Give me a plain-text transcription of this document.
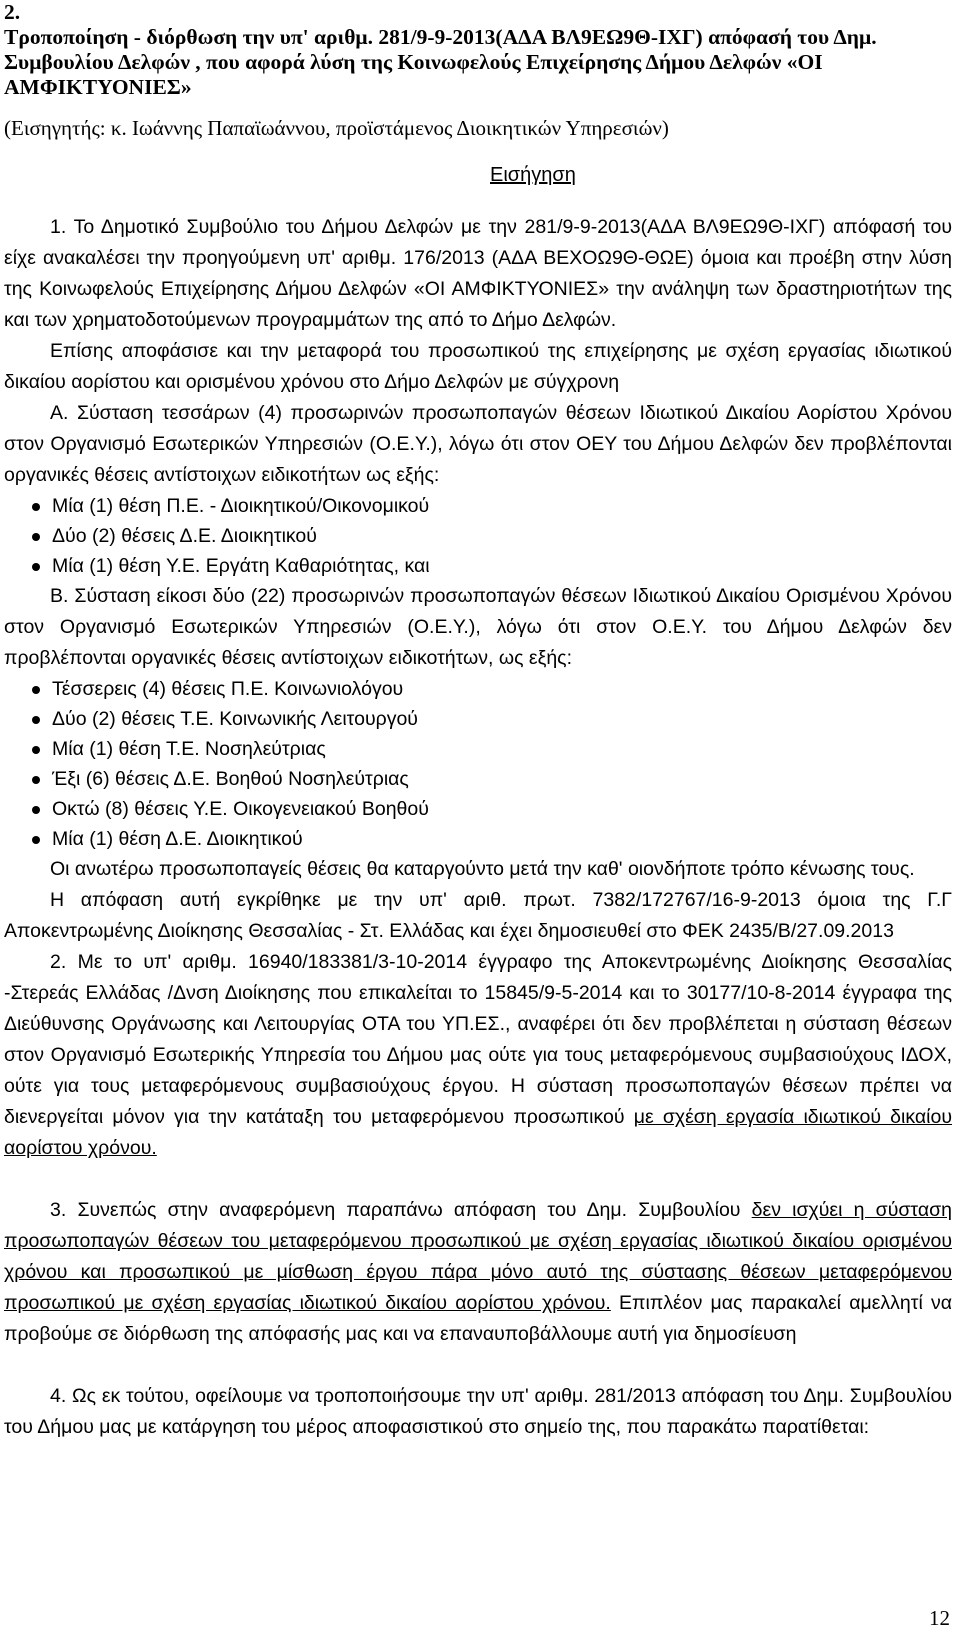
2.
Τροποποίηση - διόρθωση την υπ' αριθμ. 281/9-9-2013(ΑΔΑ ΒΛ9ΕΩ9Θ-ΙΧΓ) απόφασή του Δημ. Συμβουλίου Δελφών , που αφορά λύση της Κοινωφελούς Επιχείρησης Δήμου Δελφών «ΟΙ ΑΜΦΙΚΤΥΟΝΙΕΣ»
(Εισηγητής: κ. Ιωάννης Παπαϊωάννου, προϊστάμενος Διοικητικών Υπηρεσιών)
Εισήγηση

1. Το Δημοτικό Συμβούλιο του Δήμου Δελφών με την 281/9-9-2013(ΑΔΑ ΒΛ9ΕΩ9Θ-ΙΧΓ) απόφασή του είχε ανακαλέσει την προηγούμενη υπ' αριθμ. 176/2013 (ΑΔΑ ΒΕΧΟΩ9Θ-ΘΩΕ) όμοια και προέβη στην λύση της Κοινωφελούς Επιχείρησης Δήμου Δελφών «ΟΙ ΑΜΦΙΚΤΥΟΝΙΕΣ» την ανάληψη των δραστηριοτήτων της και των χρηματοδοτούμενων προγραμμάτων της από το Δήμο Δελφών.

Επίσης αποφάσισε και την μεταφορά του προσωπικού της επιχείρησης με σχέση εργασίας ιδιωτικού δικαίου αορίστου και ορισμένου χρόνου στο Δήμο Δελφών με σύγχρονη

Α. Σύσταση τεσσάρων (4) προσωρινών προσωποπαγών θέσεων Ιδιωτικού Δικαίου Αορίστου Χρόνου στον Οργανισμό Εσωτερικών Υπηρεσιών (Ο.Ε.Υ.), λόγω ότι στον ΟΕΥ του Δήμου Δελφών δεν προβλέπονται οργανικές θέσεις αντίστοιχων ειδικοτήτων ως εξής:

Μία (1) θέση Π.Ε. - Διοικητικού/Οικονομικού
Δύο (2) θέσεις Δ.Ε. Διοικητικού
Μία (1) θέση Υ.Ε. Εργάτη Καθαριότητας, και

Β. Σύσταση είκοσι δύο (22) προσωρινών προσωποπαγών θέσεων Ιδιωτικού Δικαίου Ορισμένου Χρόνου στον Οργανισμό Εσωτερικών Υπηρεσιών (Ο.Ε.Υ.), λόγω ότι στον Ο.Ε.Υ. του Δήμου Δελφών δεν προβλέπονται οργανικές θέσεις αντίστοιχων ειδικοτήτων, ως εξής:

Τέσσερεις (4) θέσεις Π.Ε. Κοινωνιολόγου
Δύο (2) θέσεις Τ.Ε. Κοινωνικής Λειτουργού
Μία (1) θέση Τ.Ε. Νοσηλεύτριας
Έξι (6) θέσεις Δ.Ε. Βοηθού Νοσηλεύτριας
Οκτώ (8) θέσεις Υ.Ε. Οικογενειακού Βοηθού
Μία (1) θέση Δ.Ε. Διοικητικού

Οι ανωτέρω προσωποπαγείς θέσεις θα καταργούντο μετά την καθ' οιονδήποτε τρόπο κένωσης τους.

Η απόφαση αυτή εγκρίθηκε με την υπ' αριθ. πρωτ. 7382/172767/16-9-2013 όμοια της Γ.Γ Αποκεντρωμένης Διοίκησης Θεσσαλίας - Στ. Ελλάδας και έχει δημοσιευθεί στο ΦΕΚ 2435/Β/27.09.2013

2. Με το υπ' αριθμ. 16940/183381/3-10-2014 έγγραφο της Αποκεντρωμένης Διοίκησης Θεσσαλίας -Στερεάς Ελλάδας /Δνση Διοίκησης που επικαλείται το 15845/9-5-2014 και το 30177/10-8-2014 έγγραφα της Διεύθυνσης Οργάνωσης και Λειτουργίας ΟΤΑ του ΥΠ.ΕΣ., αναφέρει ότι δεν προβλέπεται η σύσταση θέσεων στον Οργανισμό Εσωτερικής Υπηρεσία του Δήμου μας ούτε για τους μεταφερόμενους συμβασιούχους ΙΔΟΧ, ούτε για τους μεταφερόμενους συμβασιούχους έργου. Η σύσταση προσωποπαγών θέσεων πρέπει να διενεργείται μόνον για την κατάταξη του μεταφερόμενου προσωπικού με σχέση εργασία ιδιωτικού δικαίου αορίστου χρόνου.

3. Συνεπώς στην αναφερόμενη παραπάνω απόφαση του Δημ. Συμβουλίου δεν ισχύει η σύσταση προσωποπαγών θέσεων του μεταφερόμενου προσωπικού με σχέση εργασίας ιδιωτικού δικαίου ορισμένου χρόνου και προσωπικού με μίσθωση έργου πάρα μόνο αυτό της σύστασης θέσεων μεταφερόμενου προσωπικού με σχέση εργασίας ιδιωτικού δικαίου αορίστου χρόνου. Επιπλέον μας παρακαλεί αμελλητί να προβούμε σε διόρθωση της απόφασής μας και να επαναυποβάλλουμε αυτή για δημοσίευση

4. Ως εκ τούτου, οφείλουμε να τροποποιήσουμε την υπ' αριθμ. 281/2013 απόφαση του Δημ. Συμβουλίου του Δήμου μας με κατάργηση του μέρος αποφασιστικού στο σημείο της, που παρακάτω παρατίθεται:

12
